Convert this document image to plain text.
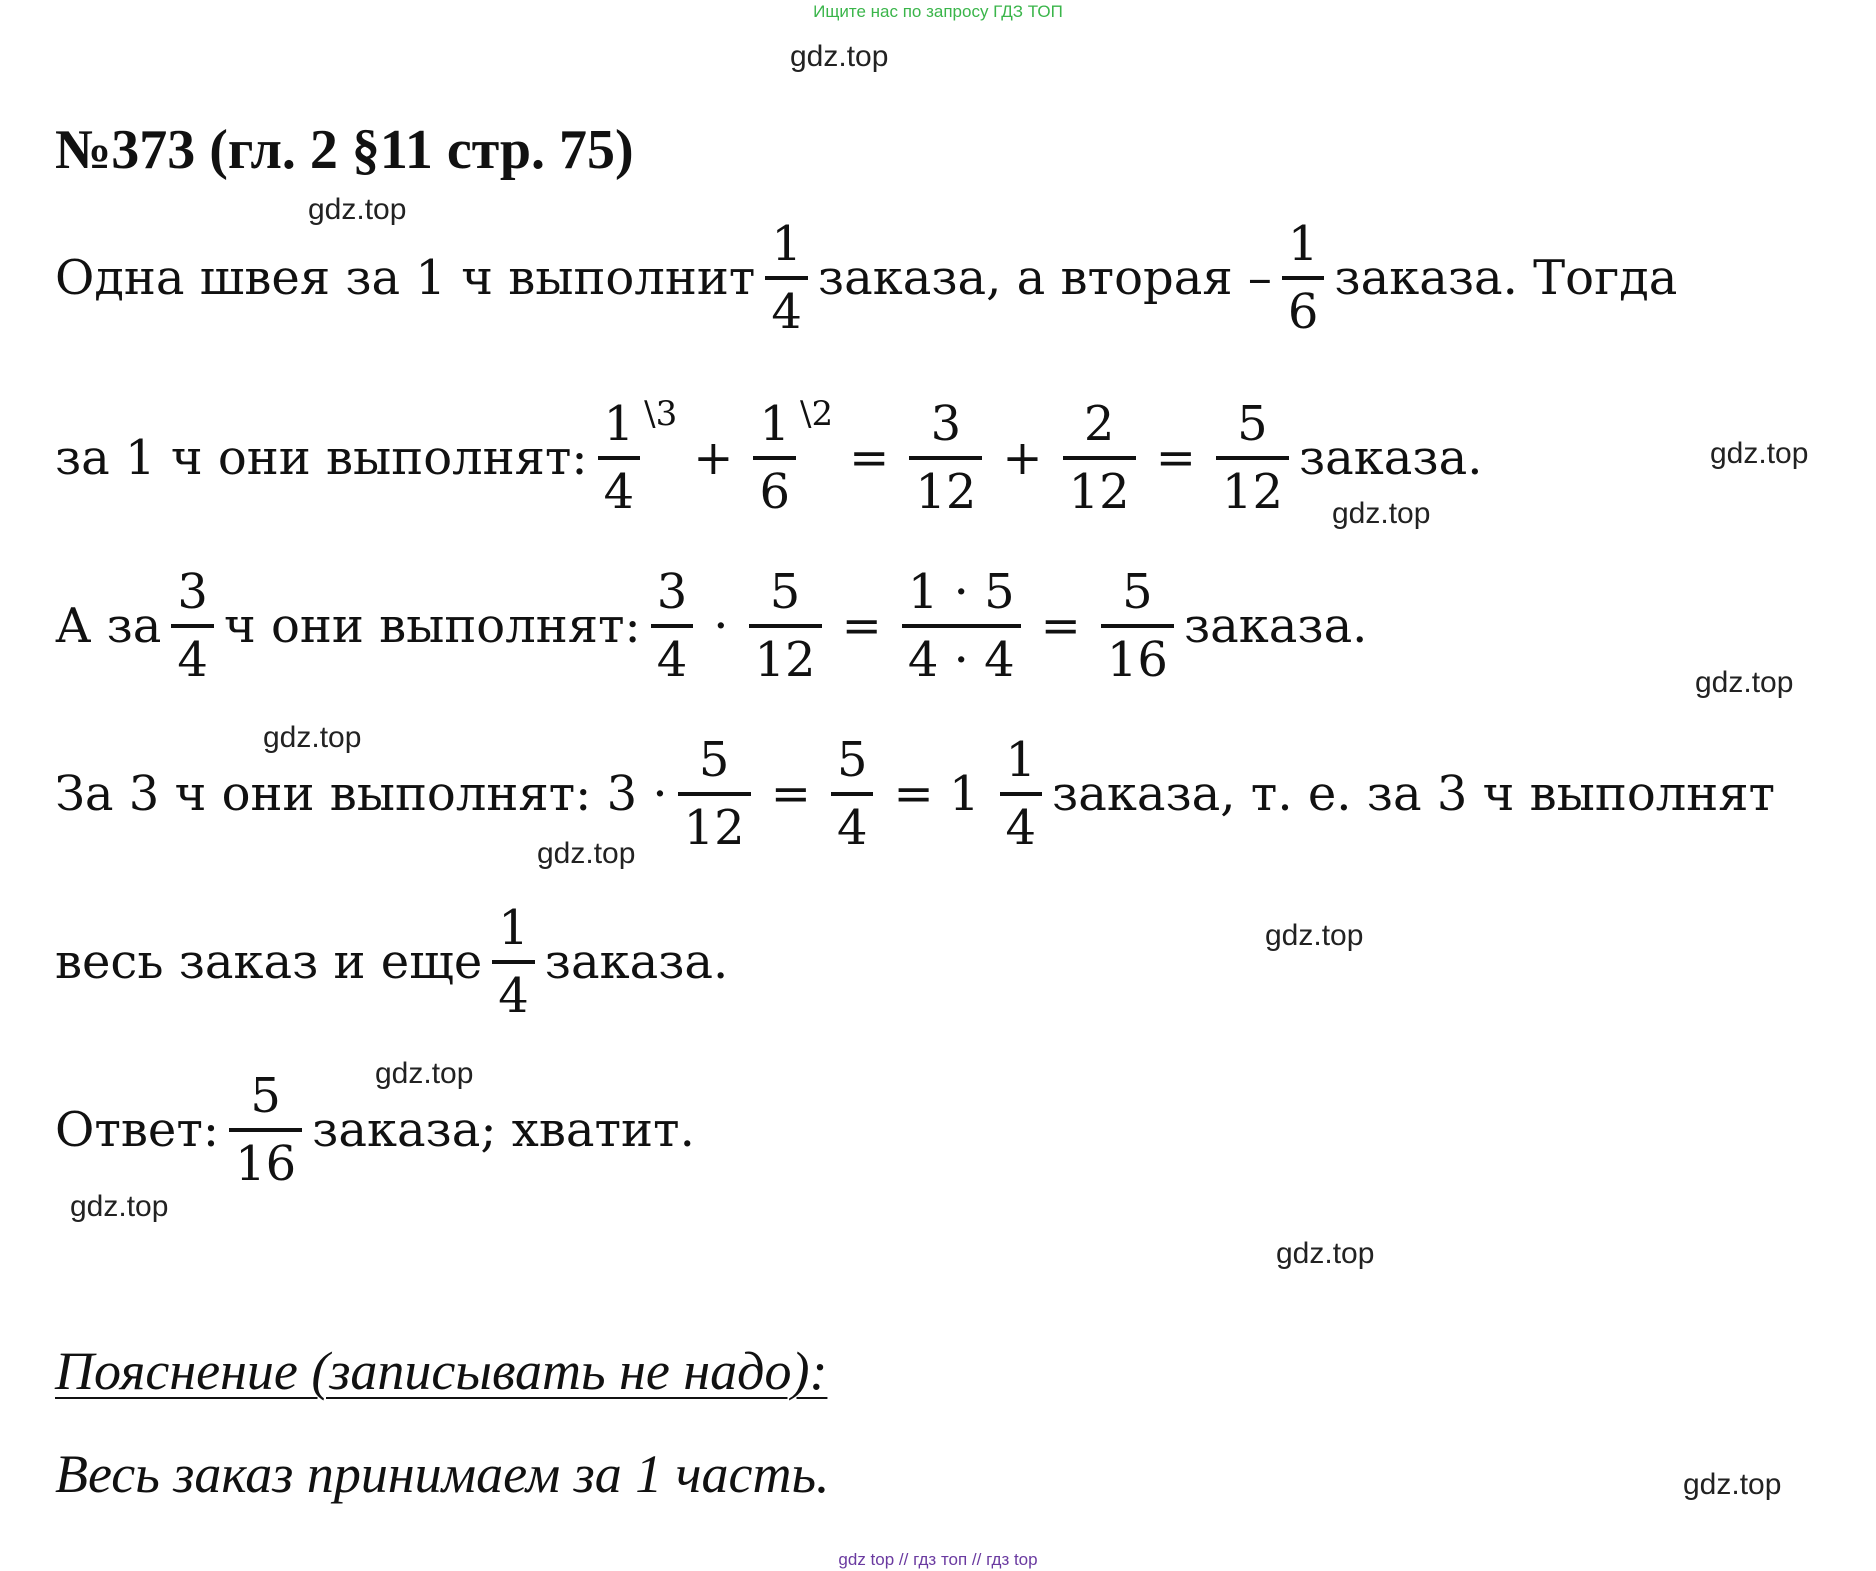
Ищите нас по запросу ГДЗ ТОП
gdz.top
gdz.top
gdz.top
gdz.top
gdz.top
gdz.top
gdz.top
gdz.top
gdz.top
gdz.top
gdz.top
gdz.top
№373 (гл. 2 §11 стр. 75)
Одна швея за 1 ч выполнит $\frac{1}{4}$ заказа, а вторая – $\frac{1}{6}$ заказа. Тогда
за 1 ч они выполнят: $\frac{1}{4}$ \3
+ $\frac{1}{6}$ \2
= $\frac{3}{12} + \frac{2}{12} = \frac{5}{12}$ заказа.
А за $\frac{3}{4}$ ч они выполнят: $\frac{3}{4} \cdot \frac{5}{12} = \frac{1 \cdot 5}{4 \cdot 4} = \frac{5}{16}$ заказа.
За 3 ч они выполнят: $3 \cdot \frac{5}{12} = \frac{5}{4} = 1 \frac{1}{4}$ заказа, т. е. за 3 ч выполнят
весь заказ и еще $\frac{1}{4}$ заказа.
Ответ: $\frac{5}{16}$ заказа; хватит.
Пояснение (записывать не надо):
Весь заказ принимаем за 1 часть.
gdz top // гдз топ // гдз top
